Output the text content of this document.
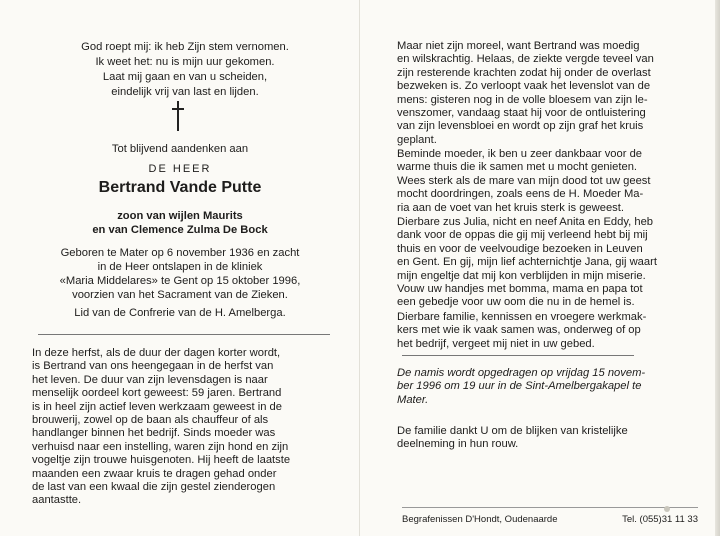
God roept mij: ik heb Zijn stem vernomen.
Ik weet het: nu is mijn uur gekomen.
Laat mij gaan en van u scheiden,
eindelijk vrij van last en lijden.
Tot blijvend aandenken aan
DE HEER
Bertrand Vande Putte
zoon van wijlen Maurits
en van Clemence Zulma De Bock
Geboren te Mater op 6 november 1936 en zacht
in de Heer ontslapen in de kliniek
«Maria Middelares» te Gent op 15 oktober 1996,
voorzien van het Sacrament van de Zieken.
Lid van de Confrerie van de H. Amelberga.
In deze herfst, als de duur der dagen korter wordt,
is Bertrand van ons heengegaan in de herfst van
het leven. De duur van zijn levensdagen is naar
menselijk oordeel kort geweest: 59 jaren. Bertrand
is in heel zijn actief leven werkzaam geweest in de
brouwerij, zowel op de baan als chauffeur of als
handlanger binnen het bedrijf. Sinds moeder was
verhuisd naar een instelling, waren zijn hond en zijn
vogeltje zijn trouwe huisgenoten. Hij heeft de laatste
maanden een zwaar kruis te dragen gehad onder
de last van een kwaal die zijn gestel zienderogen
aantastte.
Maar niet zijn moreel, want Bertrand was moedig
en wilskrachtig. Helaas, de ziekte vergde teveel van
zijn resterende krachten zodat hij onder de overlast
bezweken is. Zo verloopt vaak het levenslot van de
mens: gisteren nog in de volle bloesem van zijn le-
venszomer, vandaag staat hij voor de ontluistering
van zijn levensbloei en wordt op zijn graf het kruis
geplant.
Beminde moeder, ik ben u zeer dankbaar voor de
warme thuis die ik samen met u mocht genieten.
Wees sterk als de mare van mijn dood tot uw geest
mocht doordringen, zoals eens de H. Moeder Ma-
ria aan de voet van het kruis sterk is geweest.
Dierbare zus Julia, nicht en neef Anita en Eddy, heb
dank voor de oppas die gij mij verleend hebt bij mij
thuis en voor de veelvoudige bezoeken in Leuven
en Gent. En gij, mijn lief achternichtje Jana, gij waart
mijn engeltje dat mij kon verblijden in mijn miserie.
Vouw uw handjes met bomma, mama en papa tot
een gebedje voor uw oom die nu in de hemel is.
Dierbare familie, kennissen en vroegere werkmak-
kers met wie ik vaak samen was, onderweg of op
het bedrijf, vergeet mij niet in uw gebed.
De namis wordt opgedragen op vrijdag 15 novem-
ber 1996 om 19 uur in de Sint-Amelbergakapel te
Mater.
De familie dankt U om de blijken van kristelijke
deelneming in hun rouw.
Begrafenissen D'Hondt, Oudenaarde	Tel. (055)31 11 33
